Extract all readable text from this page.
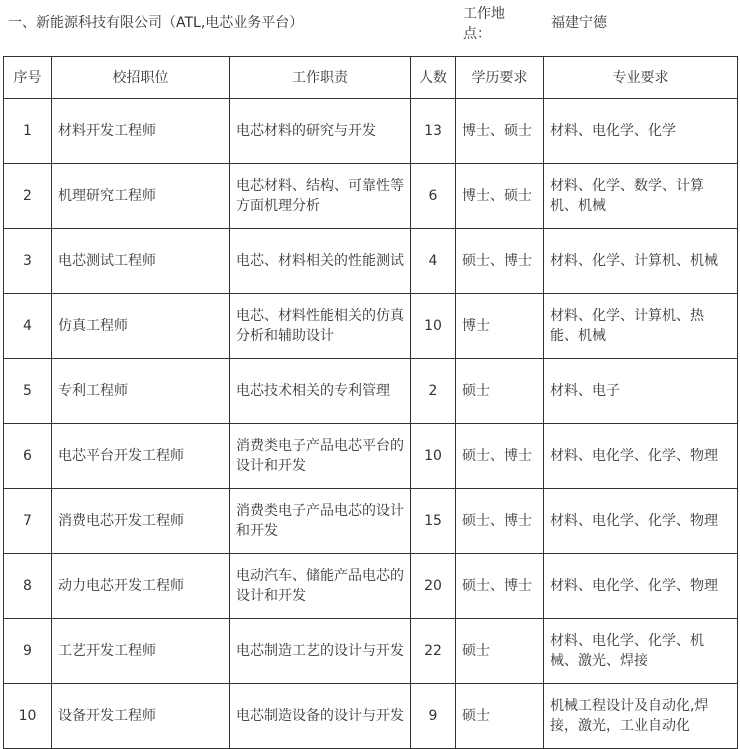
一、新能源科技有限公司（ATL,电芯业务平台）
工作地点：
福建宁德
序号	校招职位	工作职责	人数	学历要求	专业要求
1	材料开发工程师	电芯材料的研究与开发	13	博士、硕士	材料、电化学、化学
2	机理研究工程师	电芯材料、结构、可靠性等方面机理分析	6	博士、硕士	材料、化学、数学、计算机、机械
3	电芯测试工程师	电芯、材料相关的性能测试	4	硕士、博士	材料、化学、计算机、机械
4	仿真工程师	电芯、材料性能相关的仿真分析和辅助设计	10	博士	材料、化学、计算机、热能、机械
5	专利工程师	电芯技术相关的专利管理	2	硕士	材料、电子
6	电芯平台开发工程师	消费类电子产品电芯平台的设计和开发	10	硕士、博士	材料、电化学、化学、物理
7	消费电芯开发工程师	消费类电子产品电芯的设计和开发	15	硕士、博士	材料、电化学、化学、物理
8	动力电芯开发工程师	电动汽车、储能产品电芯的设计和开发	20	硕士、博士	材料、电化学、化学、物理
9	工艺开发工程师	电芯制造工艺的设计与开发	22	硕士	材料、电化学、化学、机械、激光、焊接
10	设备开发工程师	电芯制造设备的设计与开发	9	硕士	机械工程设计及自动化,焊接，激光，工业自动化
